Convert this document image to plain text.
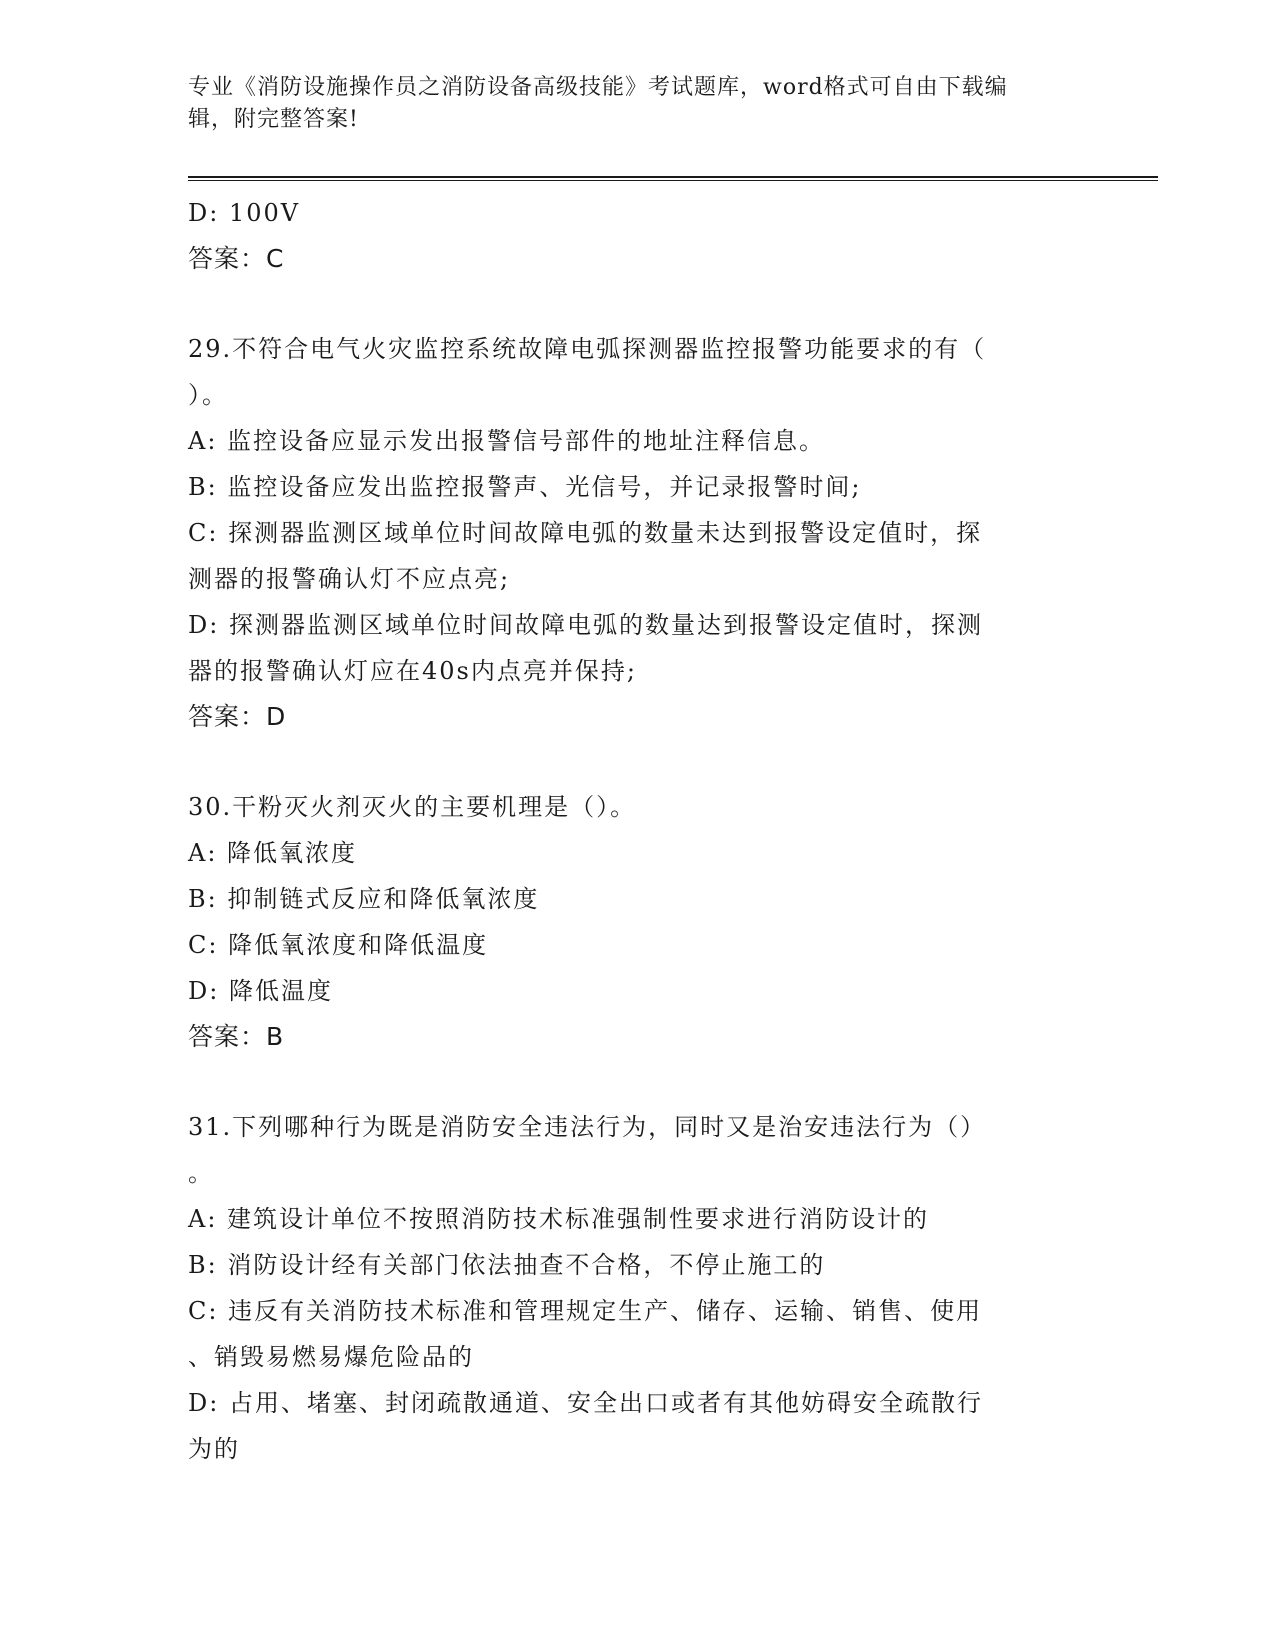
专业《消防设施操作员之消防设备高级技能》考试题库，word格式可自由下载编
辑，附完整答案!
D: 100V
答案：C
29.不符合电气火灾监控系统故障电弧探测器监控报警功能要求的有（
）。
A: 监控设备应显示发出报警信号部件的地址注释信息。
B: 监控设备应发出监控报警声、光信号，并记录报警时间;
C: 探测器监测区域单位时间故障电弧的数量未达到报警设定值时，探
测器的报警确认灯不应点亮;
D: 探测器监测区域单位时间故障电弧的数量达到报警设定值时，探测
器的报警确认灯应在40s内点亮并保持;
答案：D
30.干粉灭火剂灭火的主要机理是（）。
A: 降低氧浓度
B: 抑制链式反应和降低氧浓度
C: 降低氧浓度和降低温度
D: 降低温度
答案：B
31.下列哪种行为既是消防安全违法行为，同时又是治安违法行为（）
。
A: 建筑设计单位不按照消防技术标准强制性要求进行消防设计的
B: 消防设计经有关部门依法抽查不合格，不停止施工的
C: 违反有关消防技术标准和管理规定生产、储存、运输、销售、使用
、销毁易燃易爆危险品的
D: 占用、堵塞、封闭疏散通道、安全出口或者有其他妨碍安全疏散行
为的
